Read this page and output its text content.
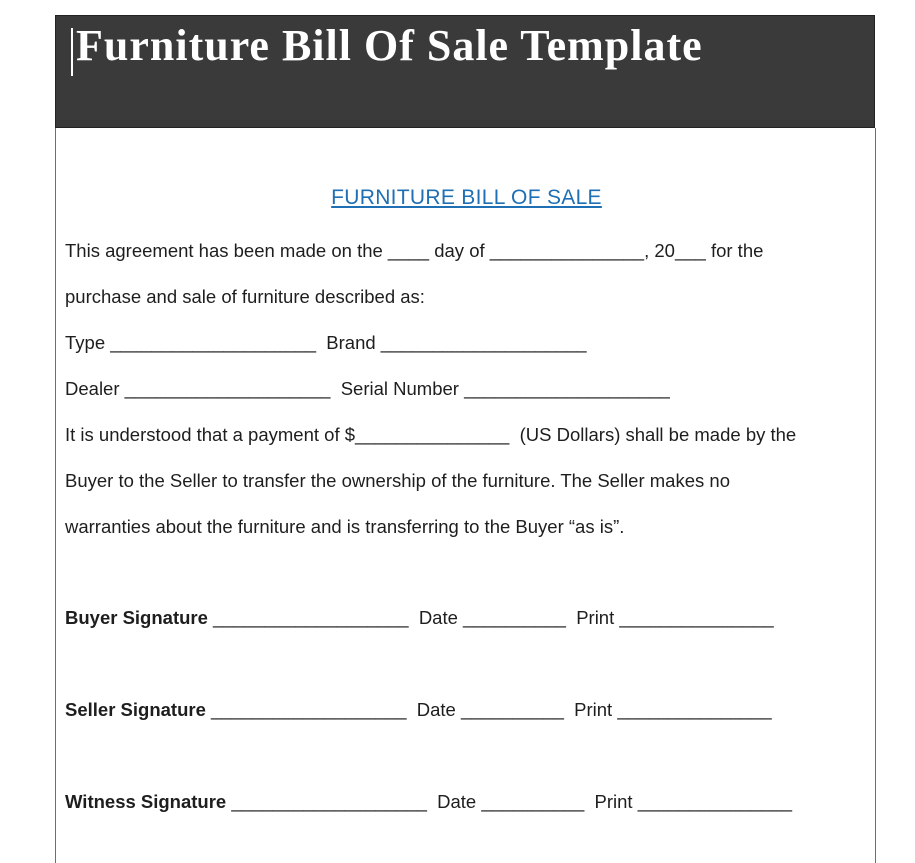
Furniture Bill Of Sale Template
FURNITURE BILL OF SALE

This agreement has been made on the ____ day of _______________, 20___ for the

purchase and sale of furniture described as:

Type ____________________  Brand ____________________

Dealer ____________________  Serial Number ____________________

It is understood that a payment of $_______________  (US Dollars) shall be made by the

Buyer to the Seller to transfer the ownership of the furniture. The Seller makes no

warranties about the furniture and is transferring to the Buyer “as is”.

Buyer Signature ___________________  Date __________  Print _______________

Seller Signature ___________________  Date __________  Print _______________

Witness Signature ___________________  Date __________  Print _______________
